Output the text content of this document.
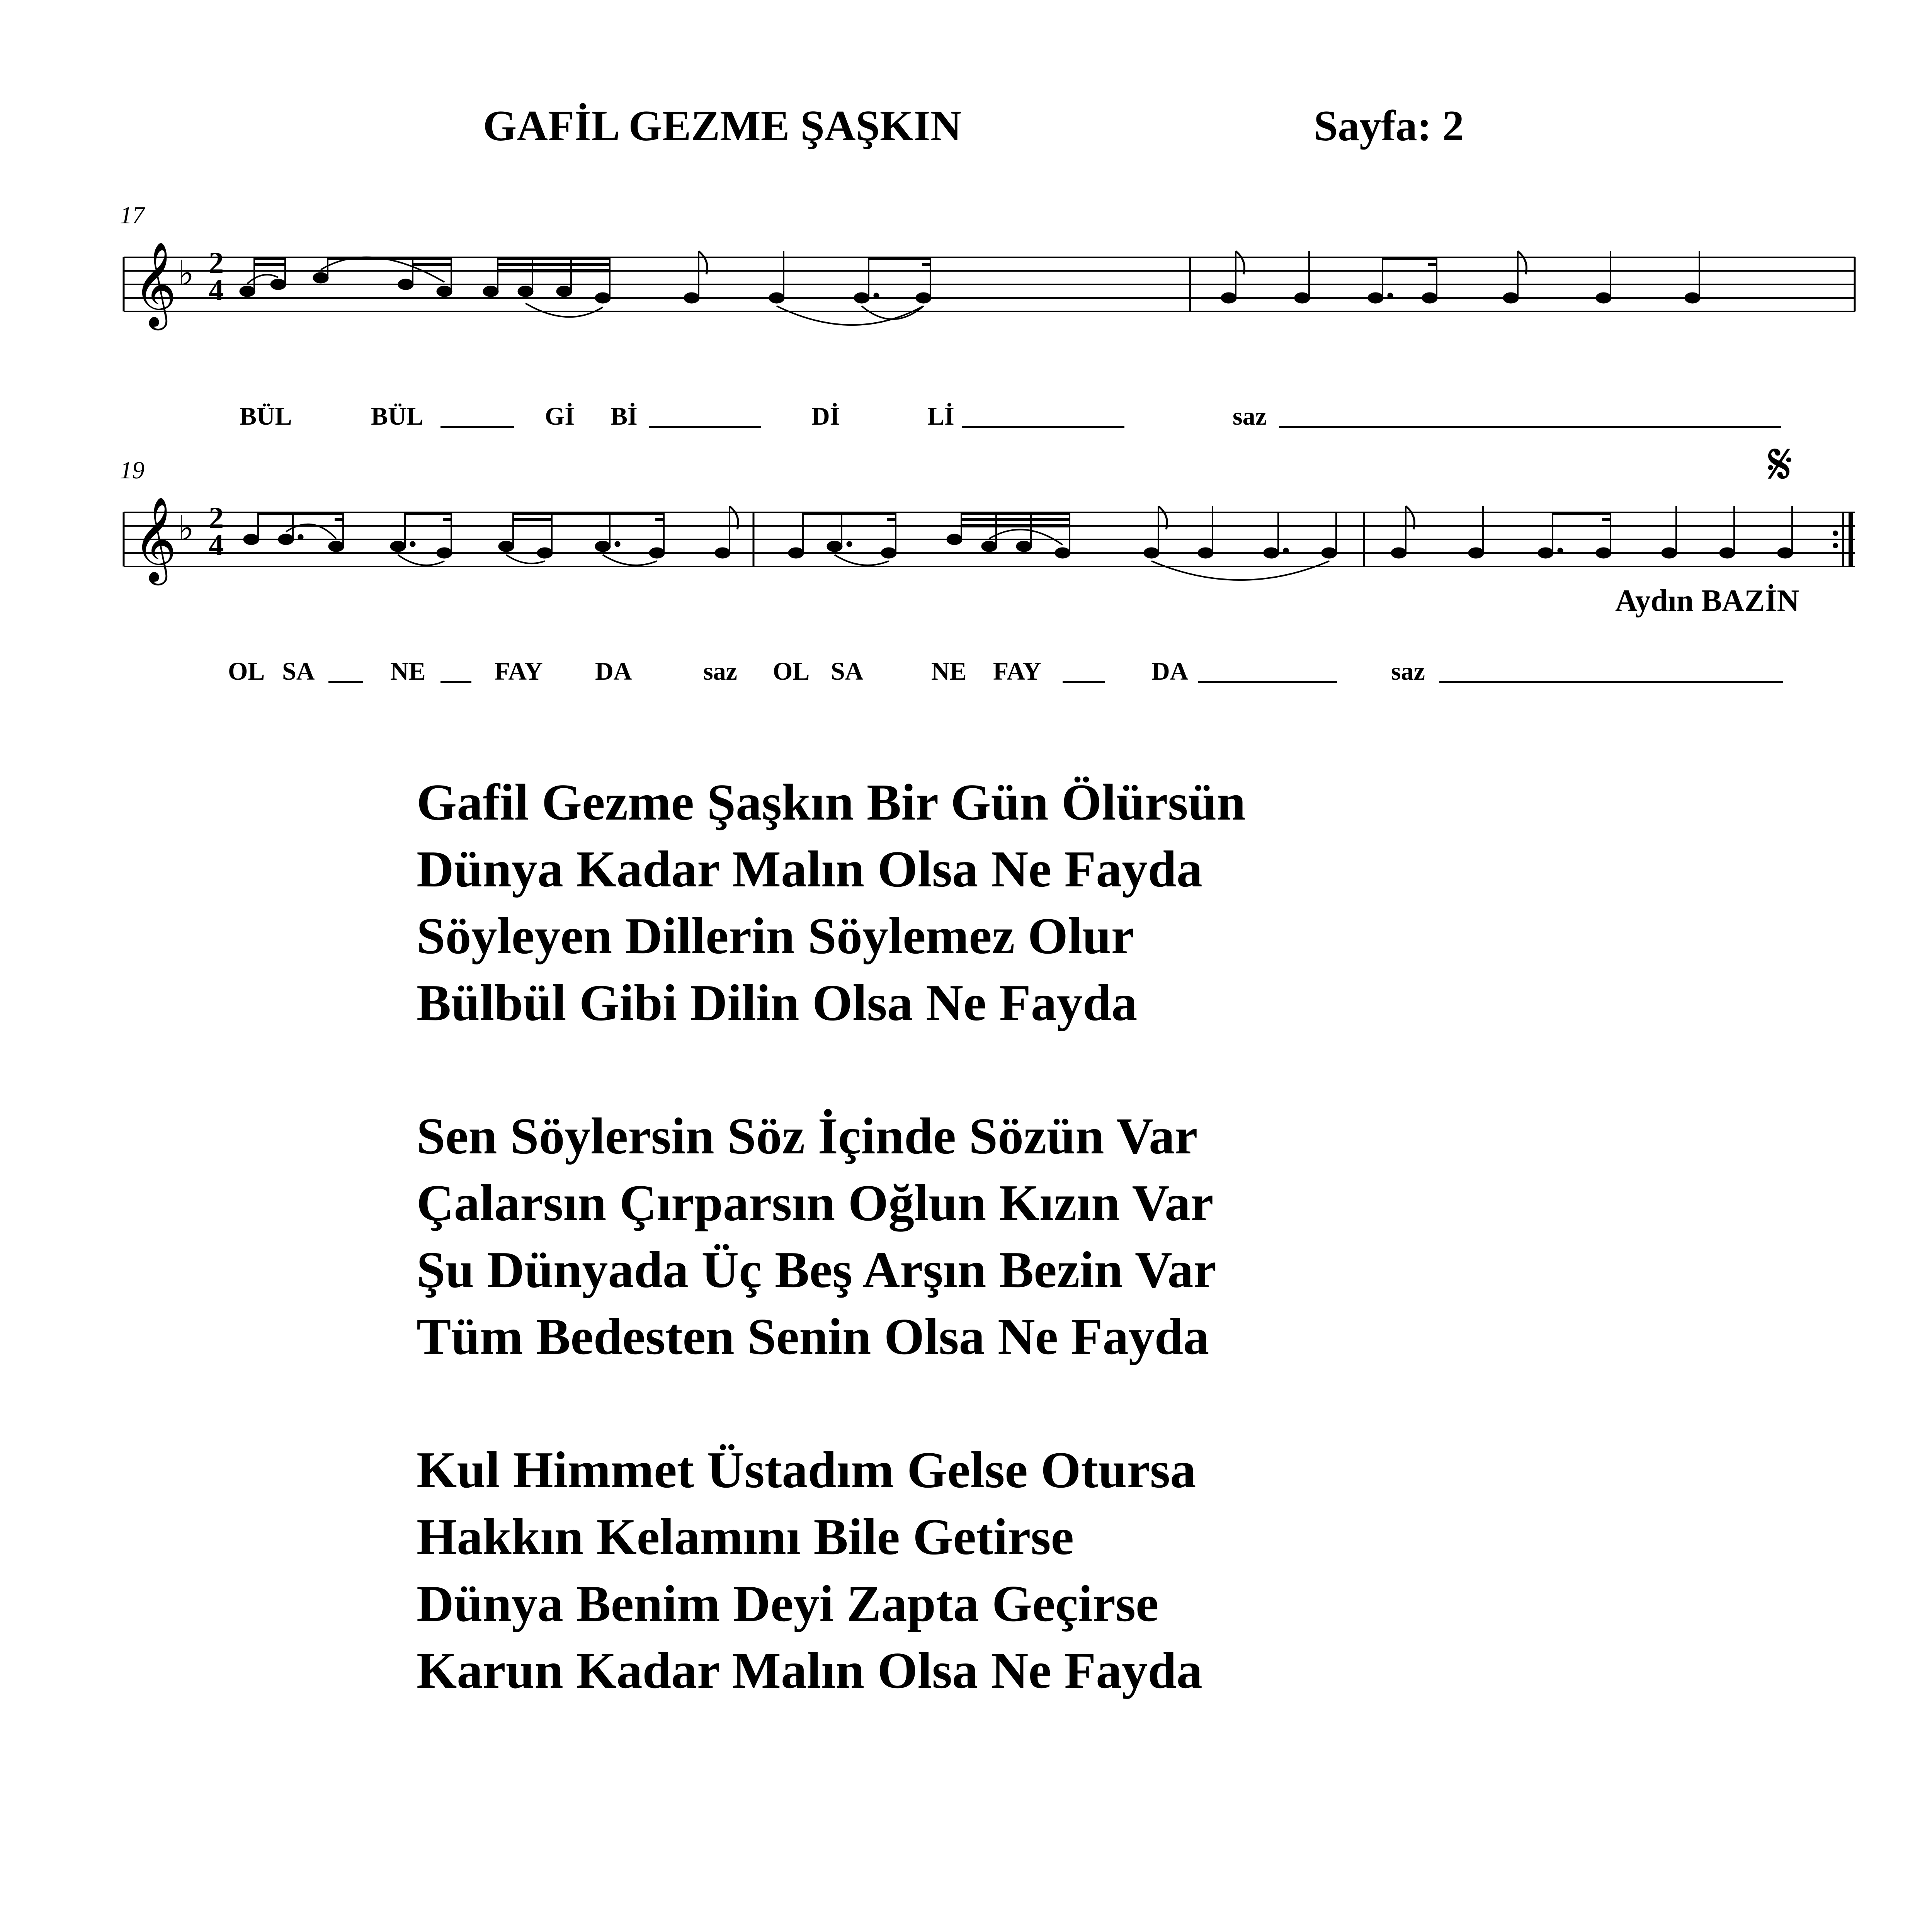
GAFİL GEZME ŞAŞKIN	Sayfa: 2
17
𝄞 ♭ 2
4
BÜL	BÜL	Gİ Bİ	Dİ	Lİ	saz
19	𝄋
𝄞 ♭ 2
4
Aydın BAZİN
OL SA	NE	FAY DA	saz OL SA	NE FAY	DA	saz
Gafil Gezme Şaşkın Bir Gün Ölürsün
Dünya Kadar Malın Olsa Ne Fayda
Söyleyen Dillerin Söylemez Olur
Bülbül Gibi Dilin Olsa Ne Fayda
Sen Söylersin Söz İçinde Sözün Var
Çalarsın Çırparsın Oğlun Kızın Var
Şu Dünyada Üç Beş Arşın Bezin Var
Tüm Bedesten Senin Olsa Ne Fayda
Kul Himmet Üstadım Gelse Otursa
Hakkın Kelamını Bile Getirse
Dünya Benim Deyi Zapta Geçirse
Karun Kadar Malın Olsa Ne Fayda
